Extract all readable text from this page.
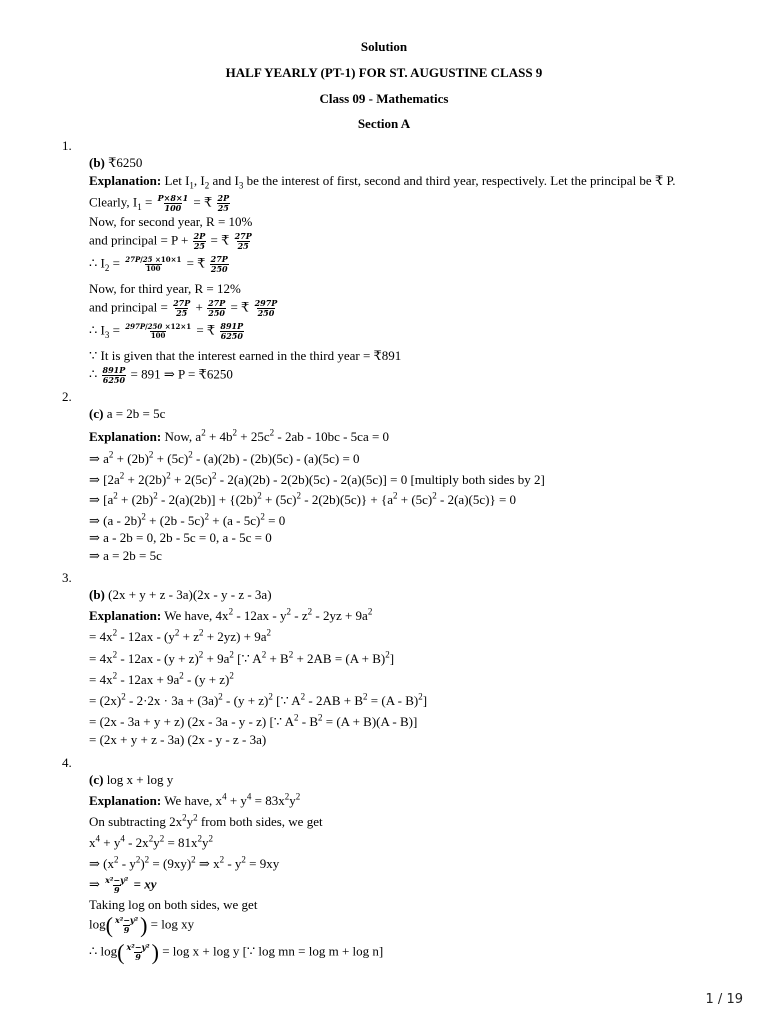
Solution
HALF YEARLY (PT-1) FOR ST. AUGUSTINE CLASS 9
Class 09 - Mathematics
Section A
1.
(b) ₹6250
Explanation: Let $I_1$, $I_2$ and $I_3$ be the interest of first, second and third year, respectively. Let the principal be ₹ P.
Clearly, $I_1 = \frac{P\times 8\times 1}{100}$ = ₹ $\frac{2P}{25}$
Now, for second year, R = 10%
and principal = $P + \frac{2P}{25}$ = ₹ $\frac{27P}{25}$
∴ $I_2 = \frac{27P/25 \times 10\times 1}{100}$ = ₹ $\frac{27P}{250}$
Now, for third year, R = 12%
and principal = $\frac{27P}{25} + \frac{27P}{250}$ = ₹ $\frac{297P}{250}$
∴ $I_3 = \frac{297P/250 \times 12\times 1}{100}$ = ₹ $\frac{891P}{6250}$
∵ It is given that the interest earned in the third year = ₹891
∴ $\frac{891P}{6250} = 891$ ⇒ P = ₹6250
2.
(c) a = 2b = 5c
Explanation: Now, $a^2 + 4b^2 + 25c^2 - 2ab - 10bc - 5ca = 0$
⇒ $a^2 + (2b)^2 + (5c)^2 - (a)(2b) - (2b)(5c) - (a)(5c) = 0$
⇒ $[2a^2 + 2(2b)^2 + 2(5c)^2 - 2(a)(2b) - 2(2b)(5c) - 2(a)(5c)] = 0$ [multiply both sides by 2]
⇒ $[a^2 + (2b)^2 - 2(a)(2b)] + \{(2b)^2 + (5c)^2 - 2(2b)(5c)\} + \{a^2 + (5c)^2 - 2(a)(5c)\} = 0$
⇒ (a - 2b)$^2$ + (2b - 5c)$^2$ + (a - 5c)$^2$ = 0
⇒ a - 2b = 0, 2b - 5c = 0, a - 5c = 0
⇒ a = 2b = 5c
3.
(b) (2x + y + z - 3a)(2x - y - z - 3a)
Explanation: We have, $4x^2 - 12ax - y^2 - z^2 - 2yz + 9a^2$
= $4x^2 - 12ax - (y^2 + z^2 + 2yz) + 9a^2$
= $4x^2 - 12ax - (y + z)^2 + 9a^2$ [∵ $A^2 + B^2 + 2AB = (A + B)^2$]
= $4x^2 - 12ax + 9a^2 - (y + z)^2$
= $(2x)^2 - 2\cdot 2x \cdot 3a + (3a)^2 - (y + z)^2$ [∵ $A^2 - 2AB + B^2 = (A - B)^2$]
= (2x - 3a + y + z) (2x - 3a - y - z) [∵ $A^2 - B^2 = (A + B)(A - B)$]
= (2x + y + z - 3a) (2x - y - z - 3a)
4.
(c) log x + log y
Explanation: We have, $x^4 + y^4 = 83x^2y^2$
On subtracting $2x^2y^2$ from both sides, we get
$x^4 + y^4 - 2x^2y^2 = 81x^2y^2$
⇒ $(x^2 - y^2)^2 = (9xy)^2$ ⇒ $x^2 - y^2 = 9xy$
⇒ $\frac{\text{x²−y²}}{9}$ = xy
Taking log on both sides, we get
$\log( \frac{\text{x²−y²}}{9}$ ) = log xy
∴ $\log( \frac{\text{x²−y²}}{9}$ ) = log x + log y [∵ log mn = log m + log n]
1 / 19
